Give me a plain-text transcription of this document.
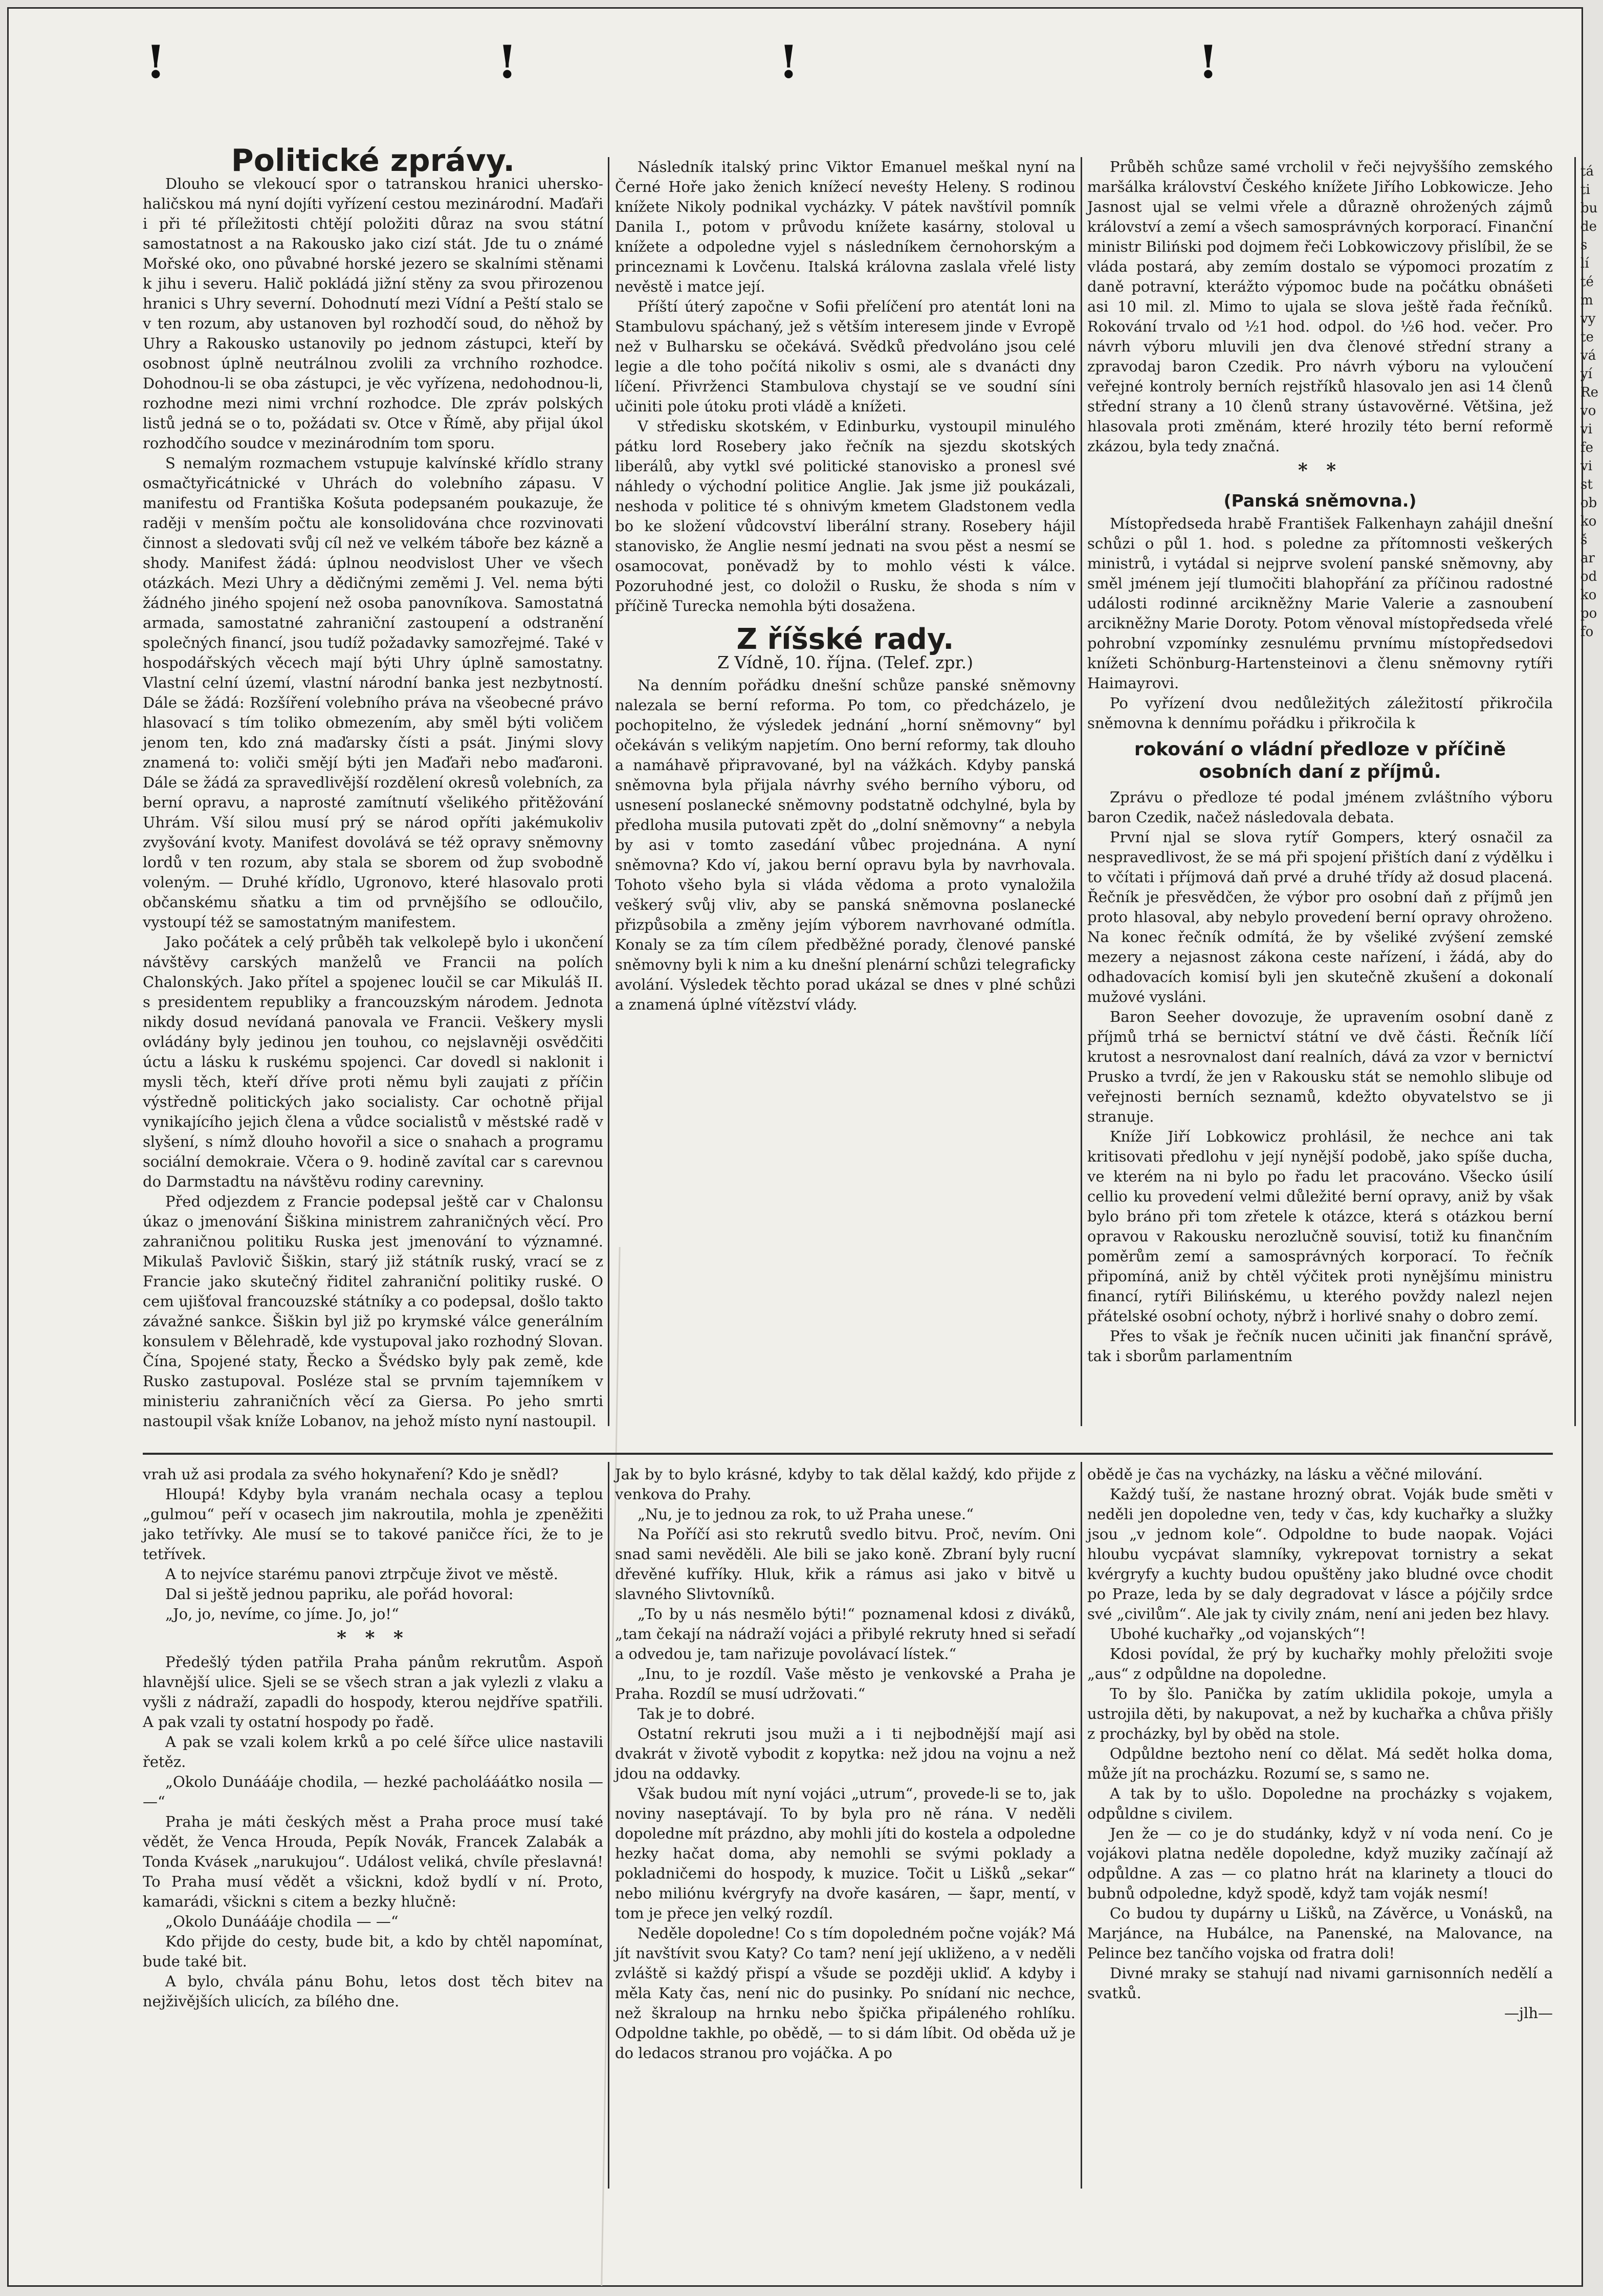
!	!	!	!
Politické zprávy.

Dlouho se vlekoucí spor o tatranskou hranici uhersko-haličskou má nyní dojíti vyřízení cestou mezinárodní. Maďaři i při té příležitosti chtějí položiti důraz na svou státní samostatnost a na Rakousko jako cizí stát. Jde tu o známé Mořské oko, ono půvabné horské jezero se skalními stěnami k jihu i severu. Halič pokládá jižní stěny za svou přirozenou hranici s Uhry severní. Dohodnutí mezi Vídní a Peští stalo se v ten rozum, aby ustanoven byl rozhodčí soud, do něhož by Uhry a Rakousko ustanovily po jednom zástupci, kteří by osobnost úplně neutrálnou zvolili za vrchního rozhodce. Dohodnou-li se oba zástupci, je věc vyřízena, nedohodnou-li, rozhodne mezi nimi vrchní rozhodce. Dle zpráv polských listů jedná se o to, požádati sv. Otce v Římě, aby přijal úkol rozhodčího soudce v mezinárodním tom sporu.

S nemalým rozmachem vstupuje kalvínské křídlo strany osmačtyřicátnické v Uhrách do volebního zápasu. V manifestu od Františka Košuta podepsaném poukazuje, že raději v menším počtu ale konsolidována chce rozvinovati činnost a sledovati svůj cíl než ve velkém táboře bez kázně a shody. Manifest žádá: úplnou neodvislost Uher ve všech otázkách. Mezi Uhry a dědičnými zeměmi J. Vel. nema býti žádného jiného spojení než osoba panovníkova. Samostatná armada, samostatné zahraniční zastoupení a odstranění společných financí, jsou tudíž požadavky samozřejmé. Také v hospodářských věcech mají býti Uhry úplně samostatny. Vlastní celní území, vlastní národní banka jest nezbytností. Dále se žádá: Rozšíření volebního práva na všeobecné právo hlasovací s tím toliko obmezením, aby směl býti voličem jenom ten, kdo zná maďarsky čísti a psát. Jinými slovy znamená to: voliči smějí býti jen Maďaři nebo maďaroni. Dále se žádá za spravedlivější rozdělení okresů volebních, za berní opravu, a naprosté zamítnutí všelikého přitěžování Uhrám. Vší silou musí prý se národ opříti jakémukoliv zvyšování kvoty. Manifest dovolává se též opravy sněmovny lordů v ten rozum, aby stala se sborem od žup svobodně voleným. — Druhé křídlo, Ugronovo, které hlasovalo proti občanskému sňatku a tim od prvnějšího se odloučilo, vystoupí též se samostatným manifestem.

Jako počátek a celý průběh tak velkolepě bylo i ukončení návštěvy carských manželů ve Francii na polích Chalonských. Jako přítel a spojenec loučil se car Mikuláš II. s presidentem republiky a francouzským národem. Jednota nikdy dosud nevídaná panovala ve Francii. Veškery mysli ovládány byly jedinou jen touhou, co nejslavněji osvědčiti úctu a lásku k ruskému spojenci. Car dovedl si naklonit i mysli těch, kteří dříve proti němu byli zaujati z příčin výstředně politických jako socialisty. Car ochotně přijal vynikajícího jejich člena a vůdce socialistů v městské radě v slyšení, s nímž dlouho hovořil a sice o snahach a programu sociální demokraie. Včera o 9. hodině zavítal car s carevnou do Darmstadtu na návštěvu rodiny carevniny.

Před odjezdem z Francie podepsal ještě car v Chalonsu úkaz o jmenování Šiškina ministrem zahraničných věcí. Pro zahraničnou politiku Ruska jest jmenování to významné. Mikulaš Pavlovič Šiškin, starý již státník ruský, vrací se z Francie jako skutečný řiditel zahraniční politiky ruské. O cem ujišťoval francouzské státníky a co podepsal, došlo takto závažné sankce. Šiškin byl již po krymské válce generálním konsulem v Bělehradě, kde vystupoval jako rozhodný Slovan. Čína, Spojené staty, Řecko a Švédsko byly pak země, kde Rusko zastupoval. Posléze stal se prvním tajemníkem v ministeriu zahraničních věcí za Giersa. Po jeho smrti nastoupil však kníže Lobanov, na jehož místo nyní nastoupil.

Následník italský princ Viktor Emanuel meškal nyní na Černé Hoře jako ženich knížecí neveśty Heleny. S rodinou knížete Nikoly podnikal vycházky. V pátek navštívil pomník Danila I., potom v průvodu knížete kasárny, stoloval u knížete a odpoledne vyjel s následníkem černohorským a princeznami k Lovčenu. Italská královna zaslala vřelé listy nevěstě i matce její.

Příští úterý započne v Sofii přelíčení pro atentát loni na Stambulovu spáchaný, jež s větším interesem jinde v Evropě než v Bulharsku se očekává. Svědků předvoláno jsou celé legie a dle toho počítá nikoliv s osmi, ale s dvanácti dny líčení. Přivrženci Stambulova chystají se ve soudní síni učiniti pole útoku proti vládě a knížeti.

V středisku skotském, v Edinburku, vystoupil minulého pátku lord Rosebery jako řečník na sjezdu skotských liberálů, aby vytkl své politické stanovisko a pronesl své náhledy o východní politice Anglie. Jak jsme již poukázali, neshoda v politice té s ohnivým kmetem Gladstonem vedla bo ke složení vůdcovství liberální strany. Rosebery hájil stanovisko, že Anglie nesmí jednati na svou pěst a nesmí se osamocovat, poněvadž by to mohlo vésti k válce. Pozoruhodné jest, co doložil o Rusku, že shoda s ním v příčině Turecka nemohla býti dosažena.

Z říšské rady.
Z Vídně, 10. října. (Telef. zpr.)

Na denním pořádku dnešní schůze panské sněmovny nalezala se berní reforma. Po tom, co předcházelo, je pochopitelno, že výsledek jednání „horní sněmovny“ byl očekáván s velikým napjetím. Ono berní reformy, tak dlouho a namáhavě připravované, byl na vážkách. Kdyby panská sněmovna byla přijala návrhy svého berního výboru, od usnesení poslanecké sněmovny podstatně odchylné, byla by předloha musila putovati zpět do „dolní sněmovny“ a nebyla by asi v tomto zasedání vůbec projednána. A nyní sněmovna? Kdo ví, jakou berní opravu byla by navrhovala. Tohoto všeho byla si vláda vědoma a proto vynaložila veškerý svůj vliv, aby se panská sněmovna poslanecké přizpůsobila a změny jejím výborem navrhované odmítla. Konaly se za tím cílem předběžné porady, členové panské sněmovny byli k nim a ku dnešní plenární schůzi telegraficky avolání. Výsledek těchto porad ukázal se dnes v plné schůzi a znamená úplné vítězství vlády.

Průběh schůze samé vrcholil v řeči nejvyššího zemského maršálka království Českého knížete Jiřího Lobkowicze. Jeho Jasnost ujal se velmi vřele a důrazně ohrožených zájmů království a zemí a všech samosprávných korporací. Finanční ministr Biliński pod dojmem řeči Lobkowiczovy přislíbil, že se vláda postará, aby zemím dostalo se výpomoci prozatím z daně potravní, kterážto výpomoc bude na počátku obnášeti asi 10 mil. zl. Mimo to ujala se slova ještě řada řečníků. Rokování trvalo od ½1 hod. odpol. do ½6 hod. večer. Pro návrh výboru mluvili jen dva členové střední strany a zpravodaj baron Czedik. Pro návrh výboru na vyloučení veřejné kontroly berních rejstříků hlasovalo jen asi 14 členů střední strany a 10 členů strany ústavověrné. Většina, jež hlasovala proti změnám, které hrozily této berní reformě zkázou, byla tedy značná.

* *
(Panská sněmovna.)

Místopředseda hrabě František Falkenhayn zahájil dnešní schůzi o půl 1. hod. s poledne za přítomnosti veškerých ministrů, i vytádal si nejprve svolení panské sněmovny, aby směl jménem její tlumočiti blahopřání za příčinou radostné události rodinné arcikněžny Marie Valerie a zasnoubení arcikněžny Marie Doroty. Potom věnoval místopředseda vřelé pohrobní vzpomínky zesnulému prvnímu místopředsedovi knížeti Schönburg-Hartensteinovi a členu sněmovny rytíři Haimayrovi.

Po vyřízení dvou nedůležitých záležitostí přikročila sněmovna k dennímu pořádku i přikročila k

rokování o vládní předloze v příčině osobních daní z příjmů.

Zprávu o předloze té podal jménem zvláštního výboru baron Czedik, načež následovala debata.

První njal se slova rytíř Gompers, který osnačil za nespravedlivost, že se má při spojení přištích daní z výdělku i to včítati i příjmová daň prvé a druhé třídy až dosud placená. Řečník je přesvědčen, že výbor pro osobní daň z příjmů jen proto hlasoval, aby nebylo provedení berní opravy ohroženo. Na konec řečník odmítá, že by všeliké zvýšení zemské mezery a nejasnost zákona ceste nařízení, i žádá, aby do odhadovacích komisí byli jen skutečně zkušení a dokonalí mužové vysláni.

Baron Seeher dovozuje, že upravením osobní daně z příjmů trhá se bernictví státní ve dvě části. Řečník líčí krutost a nesrovnalost daní realních, dává za vzor v bernictví Prusko a tvrdí, že jen v Rakousku stát se nemohlo slibuje od veřejnosti berních seznamů, kdežto obyvatelstvo se ji stranuje.

Kníže Jiří Lobkowicz prohlásil, že nechce ani tak kritisovati předlohu v její nynější podobě, jako spíše ducha, ve kterém na ni bylo po řadu let pracováno. Všecko úsilí cellio ku provedení velmi důležité berní opravy, aniž by však bylo bráno při tom zřetele k otázce, která s otázkou berní opravou v Rakousku nerozlučně souvisí, totiž ku finančním poměrům zemí a samosprávných korporací. To řečník připomíná, aniž by chtěl výčitek proti nynějšímu ministru financí, rytíři Bilińskému, u kterého povždy nalezl nejen přátelské osobní ochoty, nýbrž i horlivé snahy o dobro zemí.

Přes to však je řečník nucen učiniti jak finanční správě, tak i sborům parlamentním

vrah už asi prodala za svého hokynaření? Kdo je snědl?

Hloupá! Kdyby byla vranám nechala ocasy a teplou „gulmou“ peří v ocasech jim nakroutila, mohla je zpeněžiti jako tetřívky. Ale musí se to takové paničce říci, že to je tetřívek.

A to nejvíce starému panovi ztrpčuje život ve městě.

Dal si ještě jednou papriku, ale pořád hovoral:

„Jo, jo, nevíme, co jíme. Jo, jo!“

* * *

Předešlý týden patřila Praha pánům rekrutům. Aspoň hlavnější ulice. Sjeli se se všech stran a jak vylezli z vlaku a vyšli z nádraží, zapadli do hospody, kterou nejdříve spatřili. A pak vzali ty ostatní hospody po řadě.

A pak se vzali kolem krků a po celé šířce ulice nastavili řetěz.

„Okolo Dunáááje chodila, — hezké pacholááátko nosila — —“

Praha je máti českých měst a Praha proce musí také vědět, že Venca Hrouda, Pepík Novák, Francek Zalabák a Tonda Kvásek „narukujou“. Událost veliká, chvíle přeslavná! To Praha musí vědět a všickni, kdož bydlí v ní. Proto, kamarádi, všickni s citem a bezky hlučně:

„Okolo Dunáááje chodila — —“

Kdo přijde do cesty, bude bit, a kdo by chtěl napomínat, bude také bit.

A bylo, chvála pánu Bohu, letos dost těch bitev na nejživějších ulicích, za bílého dne.

Jak by to bylo krásné, kdyby to tak dělal každý, kdo přijde z venkova do Prahy.

„Nu, je to jednou za rok, to už Praha unese.“

Na Poříčí asi sto rekrutů svedlo bitvu. Proč, nevím. Oni snad sami nevěděli. Ale bili se jako koně. Zbraní byly rucní dřevěné kufříky. Hluk, křik a rámus asi jako v bitvě u slavného Slivtovníků.

„To by u nás nesmělo býti!“ poznamenal kdosi z diváků, „tam čekají na nádraží vojáci a přibylé rekruty hned si seřadí a odvedou je, tam nařizuje povolávací lístek.“

„Inu, to je rozdíl. Vaše město je venkovské a Praha je Praha. Rozdíl se musí udržovati.“

Tak je to dobré.

Ostatní rekruti jsou muži a i ti nejbodnější mají asi dvakrát v životě vybodit z kopytka: než jdou na vojnu a než jdou na oddavky.

Však budou mít nyní vojáci „utrum“, provede-li se to, jak noviny naseptávají. To by byla pro ně rána. V neděli dopoledne mít prázdno, aby mohli jíti do kostela a odpoledne hezky hačat doma, aby nemohli se svými poklady a pokladničemi do hospody, k muzice. Točit u Lišků „sekar“ nebo miliónu kvérgryfy na dvoře kasáren, — šapr, mentí, v tom je přece jen velký rozdíl.

Neděle dopoledne! Co s tím dopoledném počne voják? Má jít navštívit svou Katy? Co tam? není její ukliženo, a v neděli zvláště si každý přispí a všude se později ukliď. A kdyby i měla Katy čas, není nic do pusinky. Po snídaní nic nechce, než škraloup na hrnku nebo špička připáleného rohlíku. Odpoldne takhle, po obědě, — to si dám líbit. Od oběda už je do ledacos stranou pro vojáčka. A po

obědě je čas na vycházky, na lásku a věčné milování.

Každý tuší, že nastane hrozný obrat. Voják bude směti v neděli jen dopoledne ven, tedy v čas, kdy kuchařky a služky jsou „v jednom kole“. Odpoldne to bude naopak. Vojáci hloubu vycpávat slamníky, vykrepovat tornistry a sekat kvérgryfy a kuchty budou opuštěny jako bludné ovce chodit po Praze, leda by se daly degradovat v lásce a pójčily srdce své „civilům“. Ale jak ty civily znám, není ani jeden bez hlavy.

Ubohé kuchařky „od vojanských“!

Kdosi povídal, že prý by kuchařky mohly přeložiti svoje „aus“ z odpůldne na dopoledne.

To by šlo. Panička by zatím uklidila pokoje, umyla a ustrojila děti, by nakupovat, a než by kuchařka a chůva přišly z procházky, byl by oběd na stole.

Odpůldne beztoho není co dělat. Má sedět holka doma, může jít na procházku. Rozumí se, s samo ne.

A tak by to ušlo. Dopoledne na procházky s vojakem, odpůldne s civilem.

Jen že — co je do studánky, když v ní voda není. Co je vojákovi platna neděle dopoledne, když muziky začínají až odpůldne. A zas — co platno hrát na klarinety a tlouci do bubnů odpoledne, když spodě, když tam voják nesmí!

Co budou ty dupárny u Lišků, na Závěrce, u Vonásků, na Marjánce, na Hubálce, na Panenské, na Malovance, na Pelince bez tančího vojska od fratra doli!

Divné mraky se stahují nad nivami garnisonních nedělí a svatků.

—jlh—

tá
ti
bu
de
s
lí
té
m
vy
te
vá
yí
Re
vo
vi
fe
vi
st
ob
ko
š
ar
od
ko
po
fo
